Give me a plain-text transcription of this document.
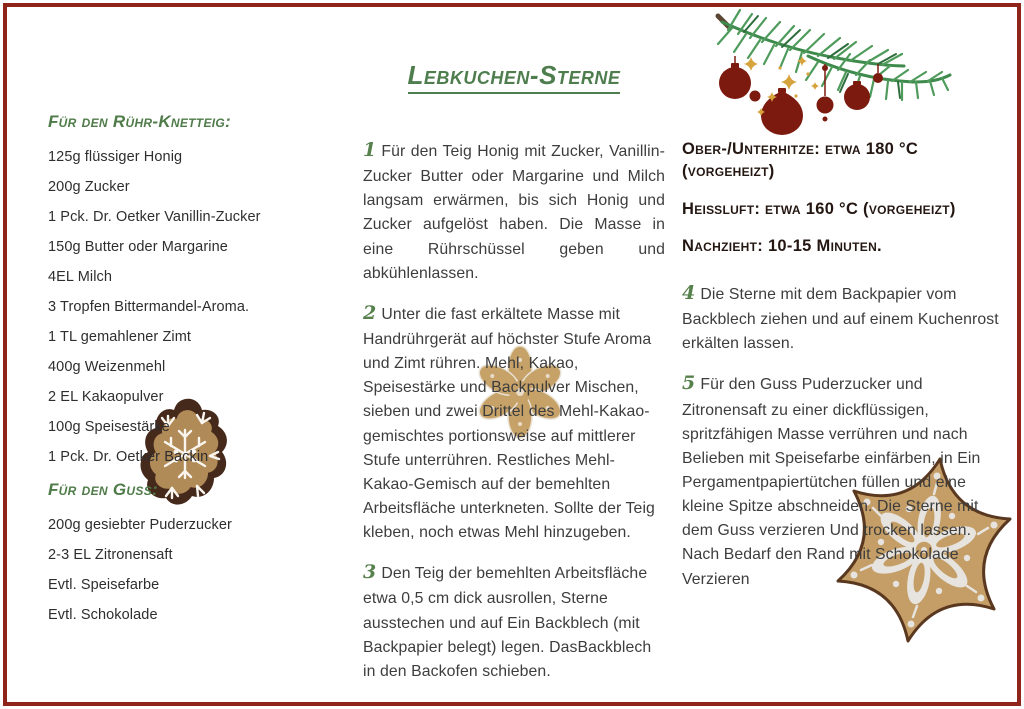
Für den Rühr-Knetteig:
125g flüssiger Honig
200g Zucker
1 Pck. Dr. Oetker Vanillin-Zucker
150g Butter oder Margarine
4EL Milch
3 Tropfen Bittermandel-Aroma.
1 TL gemahlener Zimt
400g Weizenmehl
2 EL Kakaopulver
100g Speisestärke
1 Pck. Dr. Oetker Backin
Für den Guss:
200g gesiebter Puderzucker
2-3 EL Zitronensaft
Evtl. Speisefarbe
Evtl. Schokolade
Lebkuchen-Sterne

1 Für den Teig Honig mit Zucker, Vanillin-Zucker Butter oder Margarine und Milch langsam erwärmen, bis sich Honig und Zucker aufgelöst haben. Die Masse in eine Rührschüssel geben und abkühlenlassen.

2 Unter die fast erkältete Masse mit Handrührgerät auf höchster Stufe Aroma und Zimt rühren. Mehl, Kakao, Speisestärke und Backpulver Mischen, sieben und zwei Drittel des Mehl-Kakao-gemischtes portionsweise auf mittlerer Stufe unterrühren. Restliches Mehl-Kakao-Gemisch auf der bemehlten Arbeitsfläche unterkneten. Sollte der Teig kleben, noch etwas Mehl hinzugeben.

3 Den Teig der bemehlten Arbeitsfläche etwa 0,5 cm dick ausrollen, Sterne ausstechen und auf Ein Backblech (mit Backpapier belegt) legen. DasBackblech in den Backofen schieben.

Ober-/Unterhitze: etwa 180 °C (vorgeheizt)
Heißluft: etwa 160 °C (vorgeheizt)
Nachzieht: 10-15 Minuten.

4 Die Sterne mit dem Backpapier vom Backblech ziehen und auf einem Kuchenrost erkälten lassen.

5 Für den Guss Puderzucker und Zitronensaft zu einer dickflüssigen, spritzfähigen Masse verrühren und nach Belieben mit Speisefarbe einfärben, in Ein Pergamentpapiertütchen füllen und eine kleine Spitze abschneiden. Die Sterne mit dem Guss verzieren Und trocken lassen. Nach Bedarf den Rand mit Schokolade Verzieren
